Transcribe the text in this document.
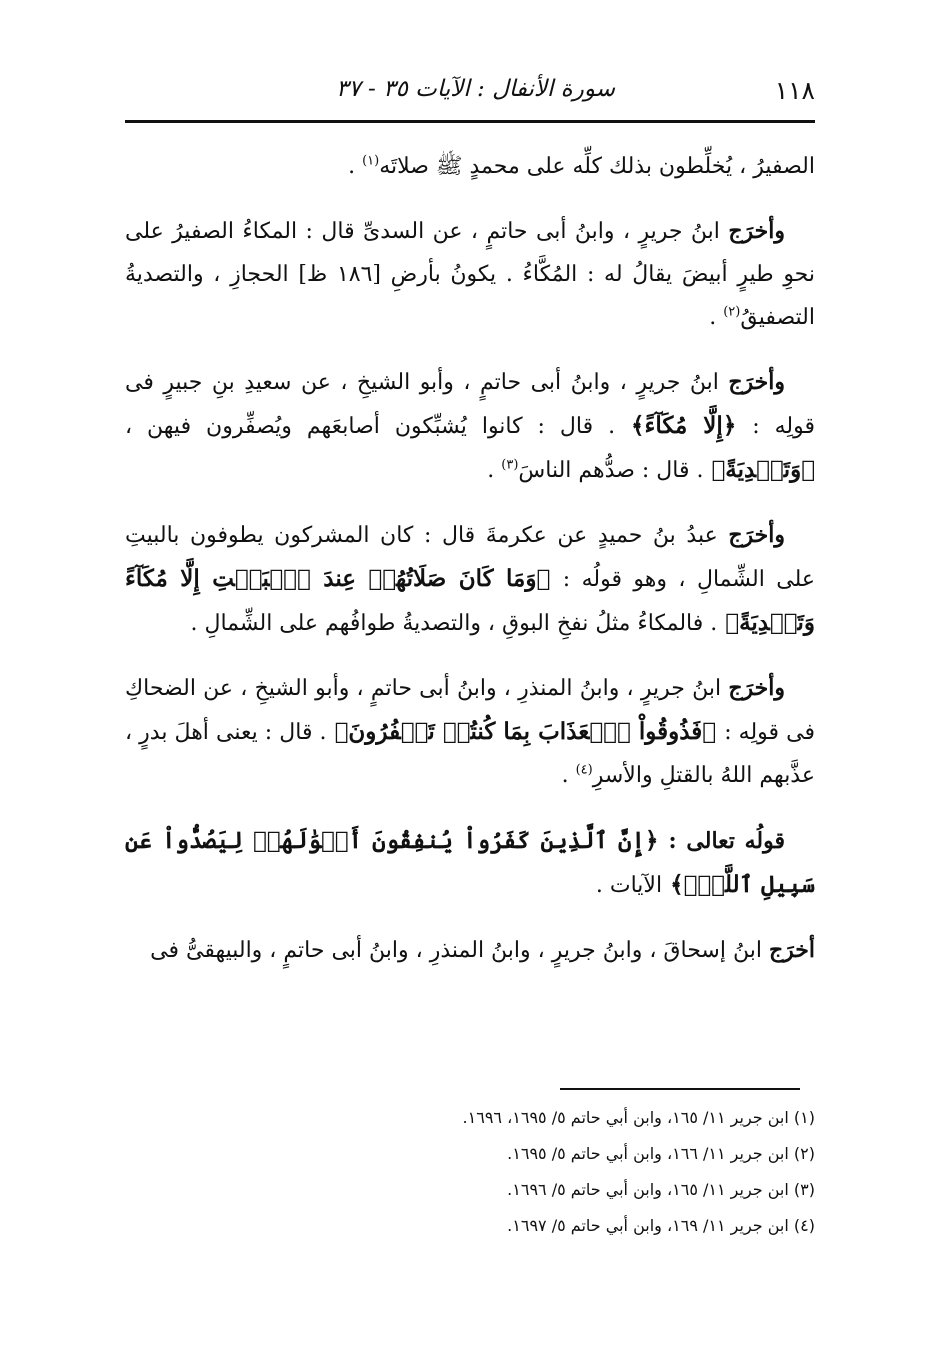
١١٨
سورة الأنفال : الآيات ٣٥ - ٣٧

الصفيرُ ، يُخلِّطون بذلك كلِّه على محمدٍ ﷺ صلاتَه$^{(١)}$ .

وأخرَج ابنُ جريرٍ ، وابنُ أبى حاتمٍ ، عن السدىِّ قال : المكاءُ الصفيرُ على نحوِ طيرٍ أبيضَ يقالُ له : المُكَّاءُ . يكونُ بأرضِ [١٨٦ ظ] الحجازِ ، والتصديةُ التصفيقُ$^{(٢)}$ .

وأخرَج ابنُ جريرٍ ، وابنُ أبى حاتمٍ ، وأبو الشيخِ ، عن سعيدِ بنِ جبيرٍ فى قولِه : ﴿إِلَّا مُكَآءً﴾ . قال : كانوا يُشبِّكون أصابعَهم ويُصفِّرون فيهن ، ﴿وَتَصۡدِيَةً﴾ . قال : صدُّهم الناسَ$^{(٣)}$ .

وأخرَج عبدُ بنُ حميدٍ عن عكرمةَ قال : كان المشركون يطوفون بالبيتِ على الشِّمالِ ، وهو قولُه : ﴿وَمَا كَانَ صَلَاتُهُمۡ عِندَ ٱلۡبَيۡتِ إِلَّا مُكَآءً وَتَصۡدِيَةً﴾ . فالمكاءُ مثلُ نفخِ البوقِ ، والتصديةُ طوافُهم على الشِّمالِ .

وأخرَج ابنُ جريرٍ ، وابنُ المنذرِ ، وابنُ أبى حاتمٍ ، وأبو الشيخِ ، عن الضحاكِ فى قولِه : ﴿فَذُوقُواْ ٱلۡعَذَابَ بِمَا كُنتُمۡ تَكۡفُرُونَ﴾ . قال : يعنى أهلَ بدرٍ ، عذَّبهم اللهُ بالقتلِ والأسرِ$^{(٤)}$ .

قولُه تعالى : ﴿إِنَّ ٱلَّذِينَ كَفَرُواْ يُنفِقُونَ أَمۡوَٰلَهُمۡ لِيَصُدُّواْ عَن سَبِيلِ ٱللَّهِۚ﴾ الآيات .

أخرَج ابنُ إسحاقَ ، وابنُ جريرٍ ، وابنُ المنذرِ ، وابنُ أبى حاتمٍ ، والبيهقىُّ فى

(١) ابن جرير ١١/ ١٦٥، وابن أبي حاتم ٥/ ١٦٩٥، ١٦٩٦.

(٢) ابن جرير ١١/ ١٦٦، وابن أبي حاتم ٥/ ١٦٩٥.

(٣) ابن جرير ١١/ ١٦٥، وابن أبي حاتم ٥/ ١٦٩٦.

(٤) ابن جرير ١١/ ١٦٩، وابن أبي حاتم ٥/ ١٦٩٧.
